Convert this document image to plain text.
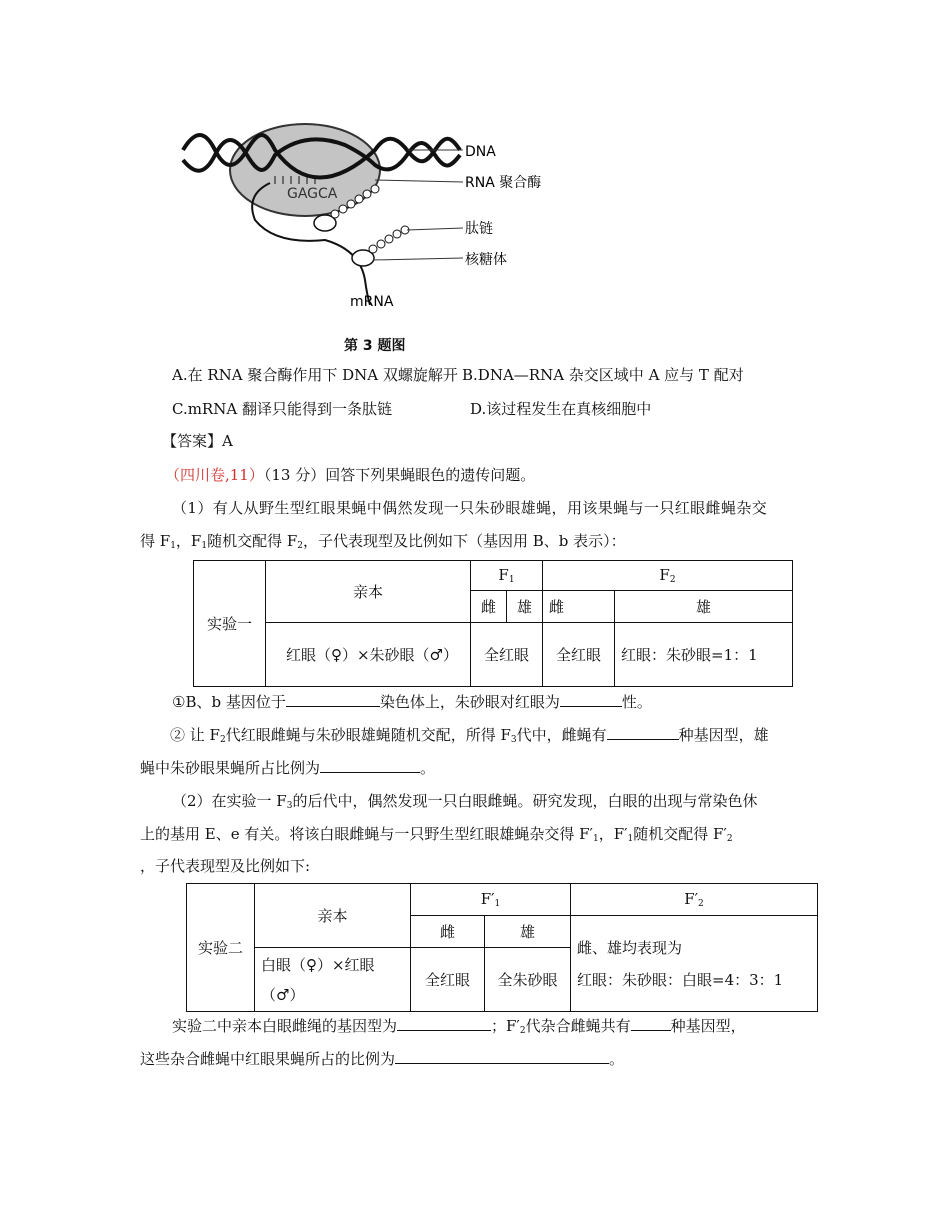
GAGCA
DNA
RNA 聚合酶
肽链
核糖体
mRNA
第 3 题图
A.在 RNA 聚合酶作用下 DNA 双螺旋解开 B.DNA—RNA 杂交区域中 A 应与 T 配对
C.mRNA 翻译只能得到一条肽链	D.该过程发生在真核细胞中
【答案】A
（四川卷,11）（13 分）回答下列果蝇眼色的遗传问题。
（1）有人从野生型红眼果蝇中偶然发现一只朱砂眼雄蝇，用该果蝇与一只红眼雌蝇杂交
得 $F_1$，$F_1$随机交配得 $F_2$，子代表现型及比例如下（基因用 B、b 表示）：
实验一	亲本	$F_1$		$F_2$
		雌	雄	雌	雄
	红眼（♀）×朱砂眼（♂）	全红眼		全红眼	红眼：朱砂眼=1：1
①B、b 基因位于	染色体上，朱砂眼对红眼为	性。
② 让 $F_2$代红眼雌蝇与朱砂眼雄蝇随机交配，所得 $F_3$代中，雌蝇有	种基因型，雄
蝇中朱砂眼果蝇所占比例为	。
（2）在实验一 $F_3$的后代中，偶然发现一只白眼雌蝇。研究发现，白眼的出现与常染色休
上的基用 E、e 有关。将该白眼雌蝇与一只野生型红眼雄蝇杂交得 $F'_1$，$F'_1$随机交配得 $F'_2$
，子代表现型及比例如下:
实验二	亲本	$F'_1$		$F'_2$
		雌	雄	雌、雄均表现为
红眼：朱砂眼：白眼=4：3：1

	白眼（♀）×红眼（♂）	全红眼	全朱砂眼	
实验二中亲本白眼雌绳的基因型为	；$F'_2$代杂合雌蝇共有	种基因型，
这些杂合雌蝇中红眼果蝇所占的比例为	。
